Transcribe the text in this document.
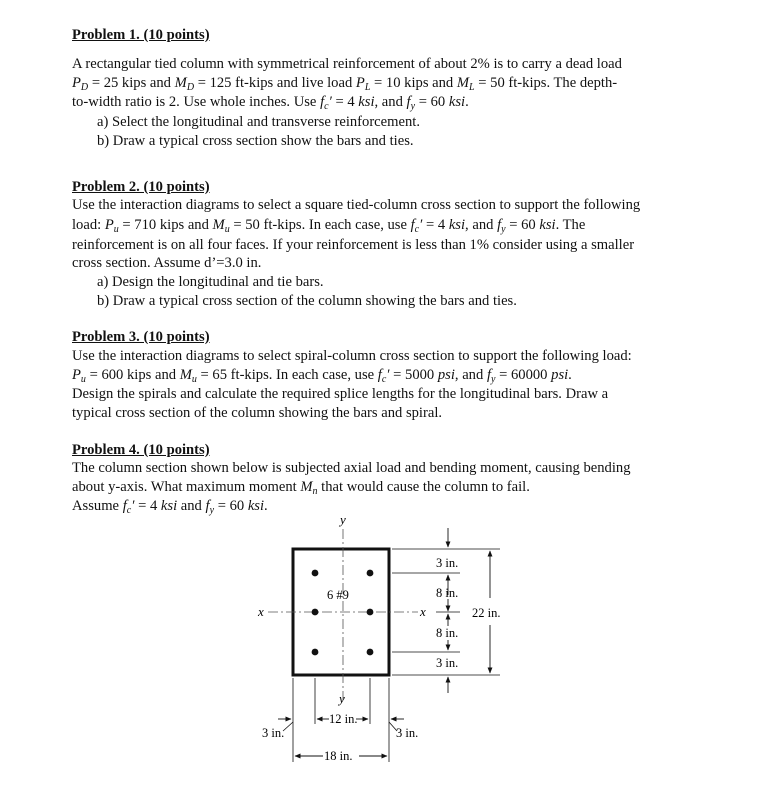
Problem 1. (10 points)
A rectangular tied column with symmetrical reinforcement of about 2% is to carry a dead load
$P_D = 25$ kips and $M_D = 125$ ft-kips and live load $P_L = 10$ kips and $M_L = 50$ ft-kips. The depth-
to-width ratio is 2. Use whole inches. Use $f_c' = 4$ ksi, and $f_y = 60$ ksi.
a) Select the longitudinal and transverse reinforcement.
b) Draw a typical cross section show the bars and ties.
Problem 2. (10 points)
Use the interaction diagrams to select a square tied-column cross section to support the following
load: $P_u = 710$ kips and $M_u = 50$ ft-kips. In each case, use $f_c' = 4$ ksi, and $f_y = 60$ ksi. The
reinforcement is on all four faces. If your reinforcement is less than 1% consider using a smaller
cross section. Assume d’=3.0 in.
a) Design the longitudinal and tie bars.
b) Draw a typical cross section of the column showing the bars and ties.
Problem 3. (10 points)
Use the interaction diagrams to select spiral-column cross section to support the following load:
$P_u = 600$ kips and $M_u = 65$ ft-kips. In each case, use $f_c' = 5000$ psi, and $f_y = 60000$ psi.
Design the spirals and calculate the required splice lengths for the longitudinal bars. Draw a
typical cross section of the column showing the bars and spiral.
Problem 4. (10 points)
The column section shown below is subjected axial load and bending moment, causing bending
about y-axis. What maximum moment $M_n$ that would cause the column to fail.
Assume $f_c' = 4$ ksi and $f_y = 60$ ksi.
y
y
x	x
6 #9
3 in.
8 in.
8 in.
3 in.
22 in.
12 in.
3 in.	3 in.
18 in.
